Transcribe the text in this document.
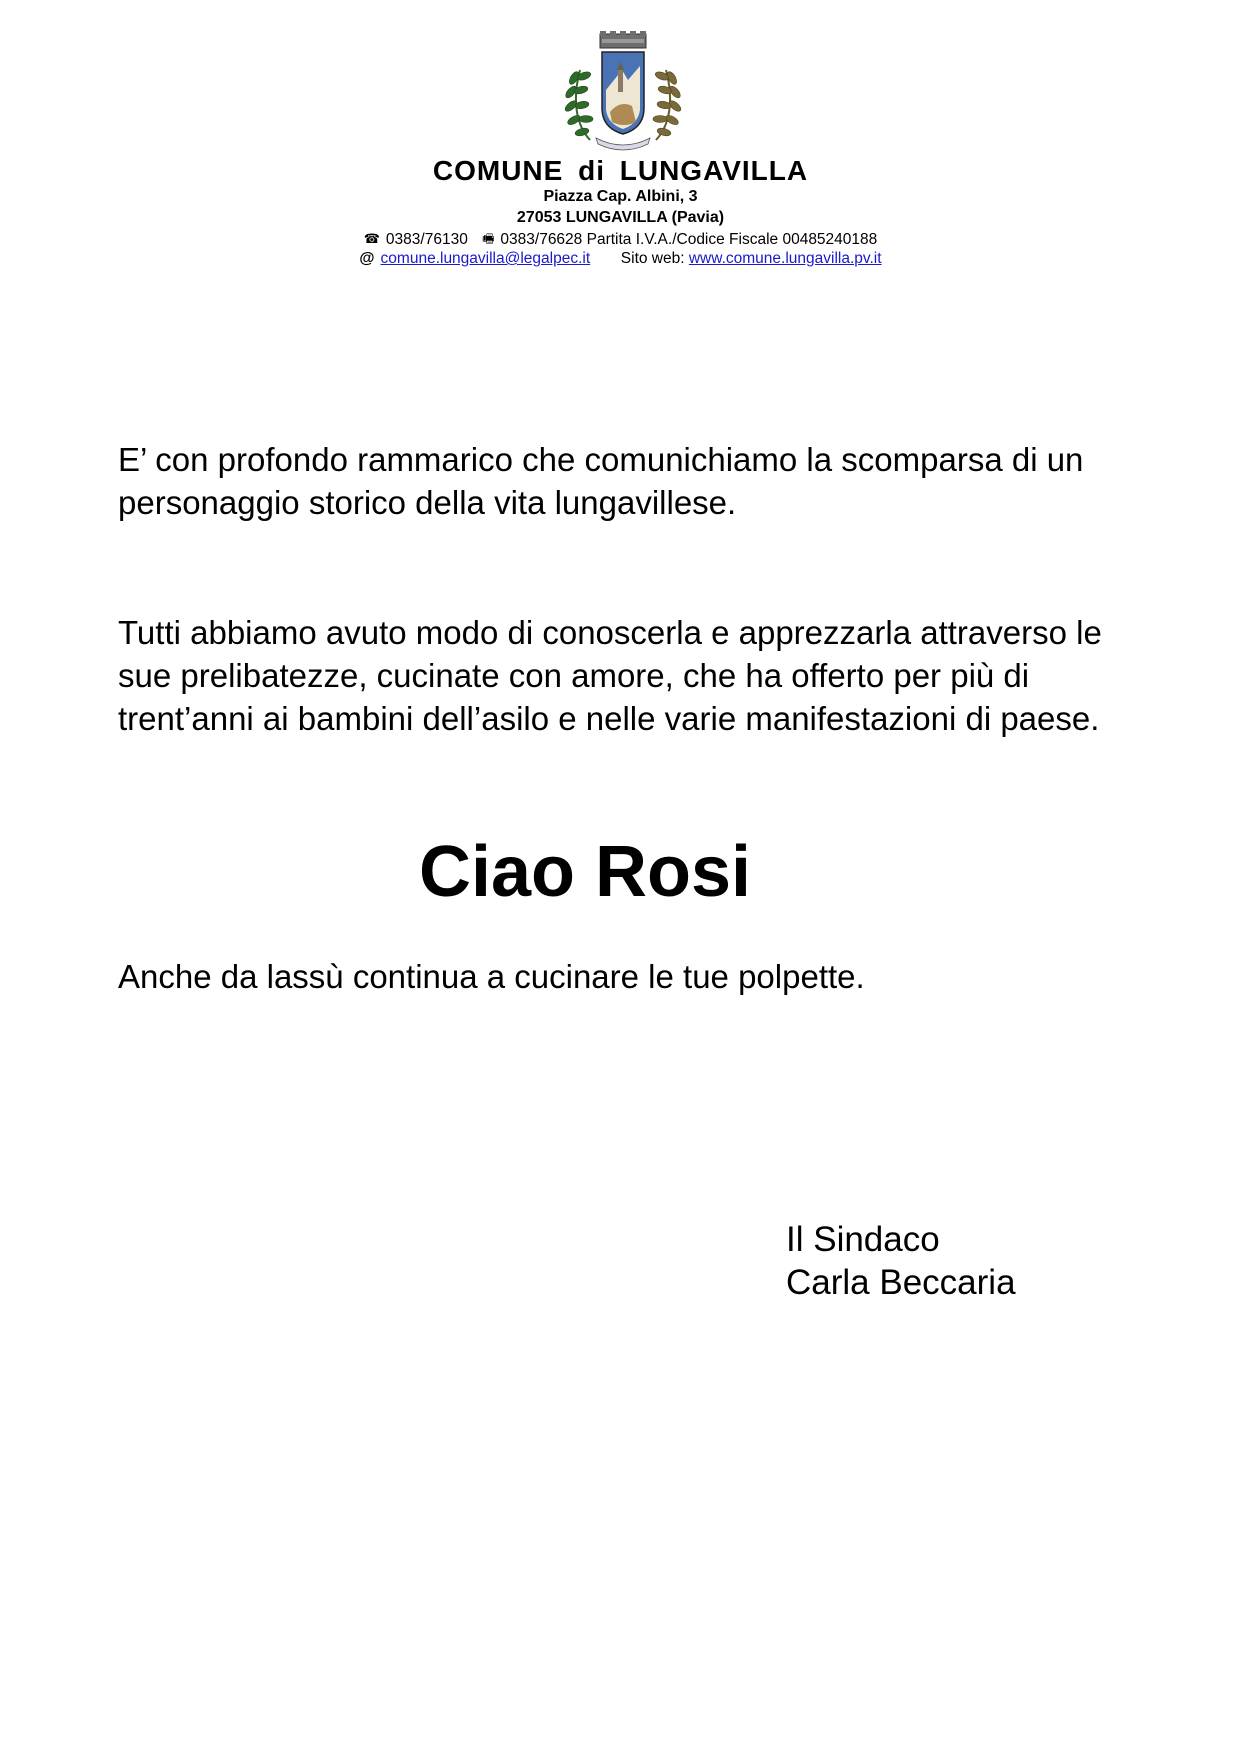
COMUNE di LUNGAVILLA
Piazza Cap. Albini, 3
27053 LUNGAVILLA (Pavia)
☎ 0383/76130 🖷 0383/76628 Partita I.V.A./Codice Fiscale 00485240188
@ comune.lungavilla@legalpec.it Sito web: www.comune.lungavilla.pv.it
E’ con profondo rammarico che comunichiamo la scomparsa di un personaggio storico della vita lungavillese.
Tutti abbiamo avuto modo di conoscerla e apprezzarla attraverso le sue prelibatezze, cucinate con amore, che ha offerto per più di trent’anni ai bambini dell’asilo e nelle varie manifestazioni di paese.
Ciao Rosi
Anche da lassù continua a cucinare le tue polpette.
Il Sindaco
Carla Beccaria
